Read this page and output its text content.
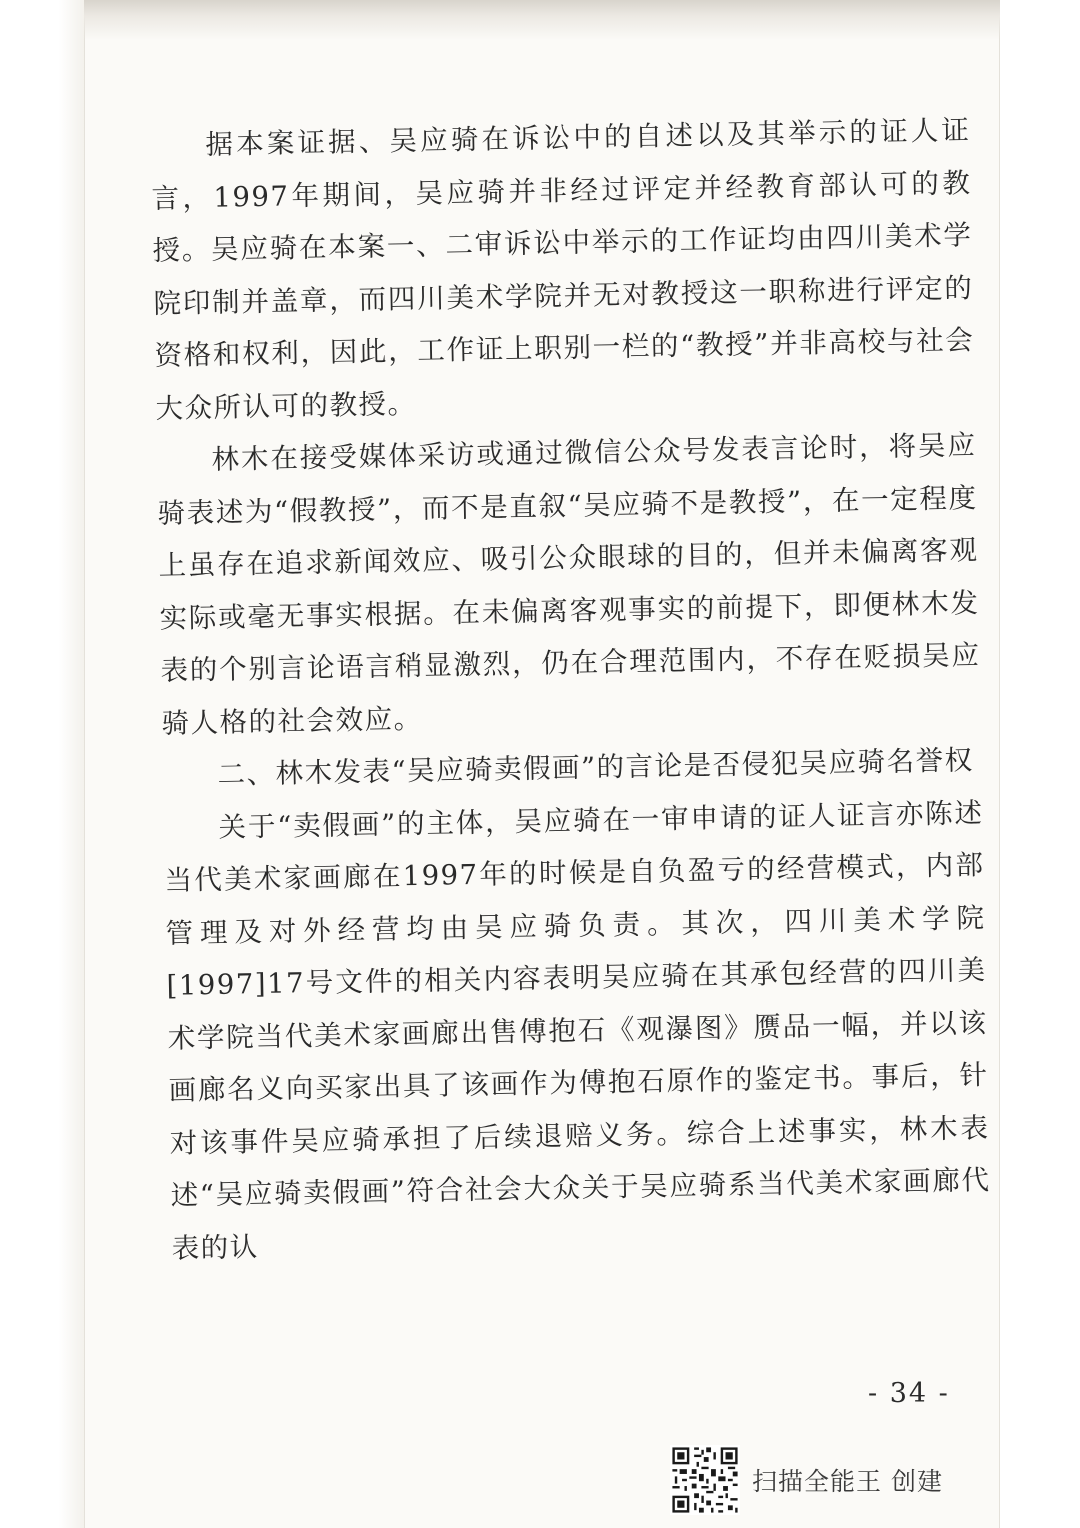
据本案证据、吴应骑在诉讼中的自述以及其举示的证人证言，1997年期间，吴应骑并非经过评定并经教育部认可的教授。吴应骑在本案一、二审诉讼中举示的工作证均由四川美术学院印制并盖章，而四川美术学院并无对教授这一职称进行评定的资格和权利，因此，工作证上职别一栏的“教授”并非高校与社会大众所认可的教授。

林木在接受媒体采访或通过微信公众号发表言论时，将吴应骑表述为“假教授”，而不是直叙“吴应骑不是教授”，在一定程度上虽存在追求新闻效应、吸引公众眼球的目的，但并未偏离客观实际或毫无事实根据。在未偏离客观事实的前提下，即便林木发表的个别言论语言稍显激烈，仍在合理范围内，不存在贬损吴应骑人格的社会效应。

二、林木发表“吴应骑卖假画”的言论是否侵犯吴应骑名誉权

关于“卖假画”的主体，吴应骑在一审申请的证人证言亦陈述当代美术家画廊在1997年的时候是自负盈亏的经营模式，内部管理及对外经营均由吴应骑负责。其次，四川美术学院[1997]17号文件的相关内容表明吴应骑在其承包经营的四川美术学院当代美术家画廊出售傅抱石《观瀑图》赝品一幅，并以该画廊名义向买家出具了该画作为傅抱石原作的鉴定书。事后，针对该事件吴应骑承担了后续退赔义务。综合上述事实，林木表述“吴应骑卖假画”符合社会大众关于吴应骑系当代美术家画廊代表的认

- 34 -
扫描全能王 创建
